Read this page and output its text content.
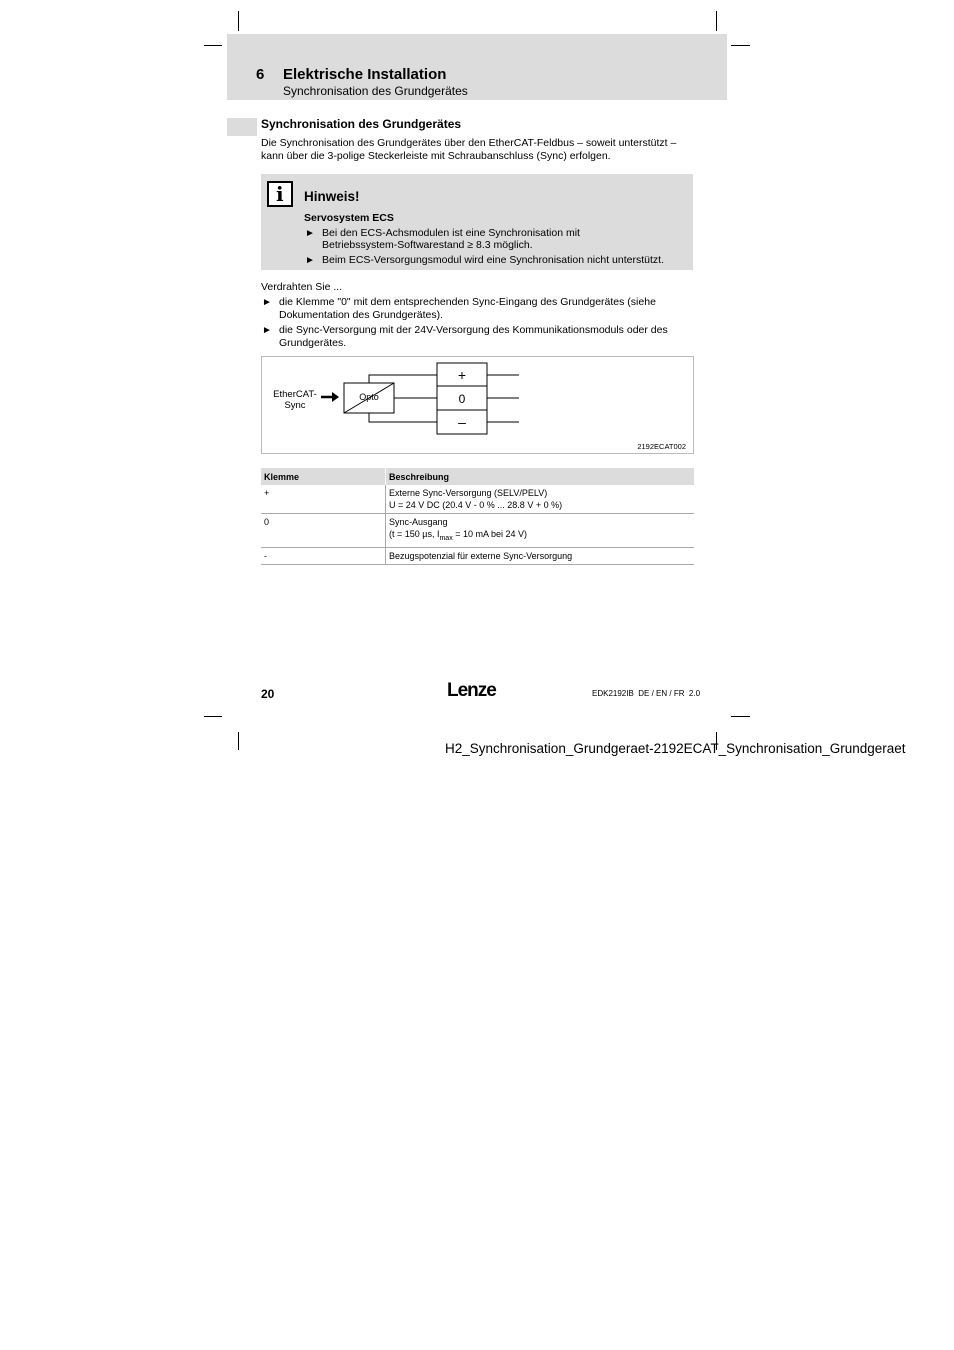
6 Elektrische Installation
Synchronisation des Grundgerätes
Synchronisation des Grundgerätes
Die Synchronisation des Grundgerätes über den EtherCAT-Feldbus – soweit unterstützt –
kann über die 3-polige Steckerleiste mit Schraubanschluss (Sync) erfolgen.
i Hinweis!
Servosystem ECS
► Bei den ECS-Achsmodulen ist eine Synchronisation mit
Betriebssystem-Softwarestand ≥ 8.3 möglich.
► Beim ECS-Versorgungsmodul wird eine Synchronisation nicht unterstützt.
Verdrahten Sie ...
► die Klemme "0" mit dem entsprechenden Sync-Eingang des Grundgerätes (siehe
Dokumentation des Grundgerätes).
► die Sync-Versorgung mit der 24V-Versorgung des Kommunikationsmoduls oder des
Grundgerätes.
EtherCAT-
Sync
Opto
+
0
–
2192ECAT002
Klemme	Beschreibung
+	Externe Sync-Versorgung (SELV/PELV)
U = 24 V DC (20.4 V - 0 % ... 28.8 V + 0 %)

0	Sync-Ausgang
(t = 150 µs, $I_{max} = 10$ mA bei 24 V)

-	Bezugspotenzial für externe Sync-Versorgung
20	Lenze	EDK2192IB  DE / EN / FR  2.0
H2_Synchronisation_Grundgeraet-2192ECAT_Synchronisation_Grundgeraet
